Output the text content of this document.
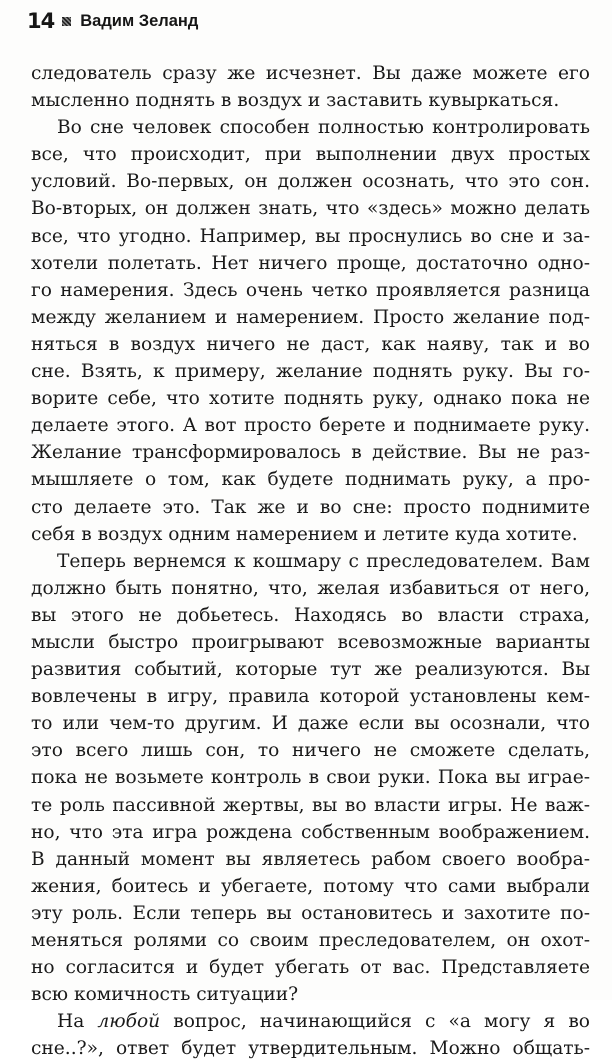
14 Вадим Зеланд
следователь сразу же исчезнет. Вы даже можете его
мысленно поднять в воздух и заставить кувыркаться.
Во сне человек способен полностью контролировать
все, что происходит, при выполнении двух простых
условий. Во-первых, он должен осознать, что это сон.
Во-вторых, он должен знать, что «здесь» можно делать
все, что угодно. Например, вы проснулись во сне и за-
хотели полетать. Нет ничего проще, достаточно одно-
го намерения. Здесь очень четко проявляется разница
между желанием и намерением. Просто желание под-
няться в воздух ничего не даст, как наяву, так и во
сне. Взять, к примеру, желание поднять руку. Вы го-
ворите себе, что хотите поднять руку, однако пока не
делаете этого. А вот просто берете и поднимаете руку.
Желание трансформировалось в действие. Вы не раз-
мышляете о том, как будете поднимать руку, а про-
сто делаете это. Так же и во сне: просто поднимите
себя в воздух одним намерением и летите куда хотите.
Теперь вернемся к кошмару с преследователем. Вам
должно быть понятно, что, желая избавиться от него,
вы этого не добьетесь. Находясь во власти страха,
мысли быстро проигрывают всевозможные варианты
развития событий, которые тут же реализуются. Вы
вовлечены в игру, правила которой установлены кем-
то или чем-то другим. И даже если вы осознали, что
это всего лишь сон, то ничего не сможете сделать,
пока не возьмете контроль в свои руки. Пока вы играе-
те роль пассивной жертвы, вы во власти игры. Не важ-
но, что эта игра рождена собственным воображением.
В данный момент вы являетесь рабом своего вообра-
жения, боитесь и убегаете, потому что сами выбрали
эту роль. Если теперь вы остановитесь и захотите по-
меняться ролями со своим преследователем, он охот-
но согласится и будет убегать от вас. Представляете
всю комичность ситуации?
На любой вопрос, начинающийся с «а могу я во
сне..?», ответ будет утвердительным. Можно общать-
